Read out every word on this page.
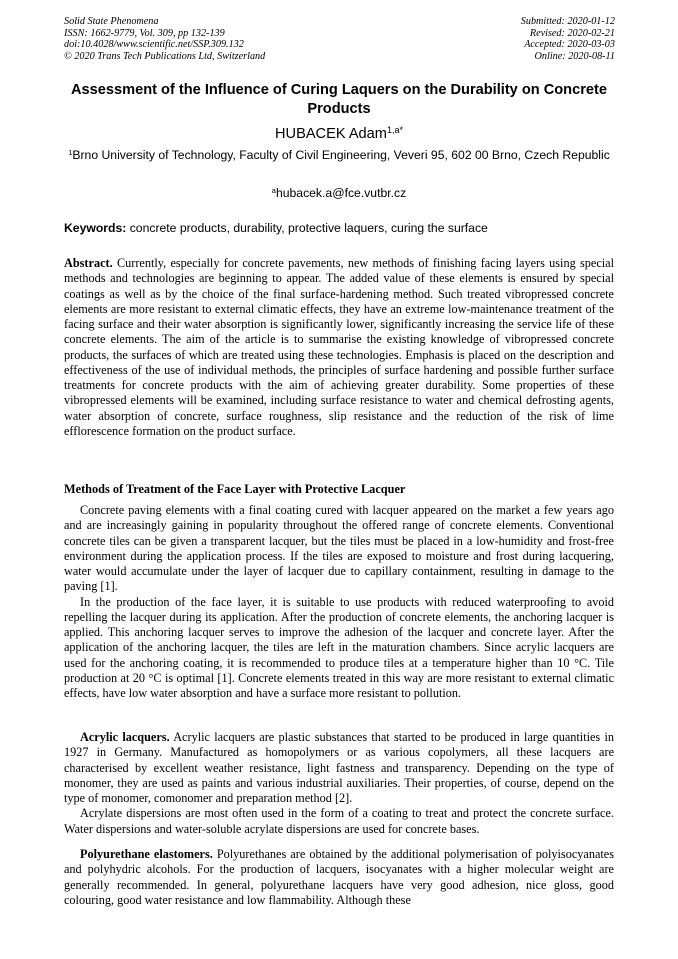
Solid State Phenomena
ISSN: 1662-9779, Vol. 309, pp 132-139
doi:10.4028/www.scientific.net/SSP.309.132
© 2020 Trans Tech Publications Ltd, Switzerland
Submitted: 2020-01-12
Revised: 2020-02-21
Accepted: 2020-03-03
Online: 2020-08-11
Assessment of the Influence of Curing Laquers on the Durability on Concrete Products
HUBACEK Adam$^{1,a*}$
$^1$Brno University of Technology, Faculty of Civil Engineering, Veveri 95, 602 00 Brno, Czech Republic
$^a$hubacek.a@fce.vutbr.cz
Keywords: concrete products, durability, protective laquers, curing the surface

Abstract. Currently, especially for concrete pavements, new methods of finishing facing layers using special methods and technologies are beginning to appear. The added value of these elements is ensured by special coatings as well as by the choice of the final surface-hardening method. Such treated vibropressed concrete elements are more resistant to external climatic effects, they have an extreme low-maintenance treatment of the facing surface and their water absorption is significantly lower, significantly increasing the service life of these concrete elements. The aim of the article is to summarise the existing knowledge of vibropressed concrete products, the surfaces of which are treated using these technologies. Emphasis is placed on the description and effectiveness of the use of individual methods, the principles of surface hardening and possible further surface treatments for concrete products with the aim of achieving greater durability. Some properties of these vibropressed elements will be examined, including surface resistance to water and chemical defrosting agents, water absorption of concrete, surface roughness, slip resistance and the reduction of the risk of lime efflorescence formation on the product surface.

Methods of Treatment of the Face Layer with Protective Lacquer

Concrete paving elements with a final coating cured with lacquer appeared on the market a few years ago and are increasingly gaining in popularity throughout the offered range of concrete elements. Conventional concrete tiles can be given a transparent lacquer, but the tiles must be placed in a low-humidity and frost-free environment during the application process. If the tiles are exposed to moisture and frost during lacquering, water would accumulate under the layer of lacquer due to capillary containment, resulting in damage to the paving [1].

In the production of the face layer, it is suitable to use products with reduced waterproofing to avoid repelling the lacquer during its application. After the production of concrete elements, the anchoring lacquer is applied. This anchoring lacquer serves to improve the adhesion of the lacquer and concrete layer. After the application of the anchoring lacquer, the tiles are left in the maturation chambers. Since acrylic lacquers are used for the anchoring coating, it is recommended to produce tiles at a temperature higher than 10 °C. Tile production at 20 °C is optimal [1]. Concrete elements treated in this way are more resistant to external climatic effects, have low water absorption and have a surface more resistant to pollution.

Acrylic lacquers. Acrylic lacquers are plastic substances that started to be produced in large quantities in 1927 in Germany. Manufactured as homopolymers or as various copolymers, all these lacquers are characterised by excellent weather resistance, light fastness and transparency. Depending on the type of monomer, they are used as paints and various industrial auxiliaries. Their properties, of course, depend on the type of monomer, comonomer and preparation method [2].

Acrylate dispersions are most often used in the form of a coating to treat and protect the concrete surface. Water dispersions and water-soluble acrylate dispersions are used for concrete bases.

Polyurethane elastomers. Polyurethanes are obtained by the additional polymerisation of polyisocyanates and polyhydric alcohols. For the production of lacquers, isocyanates with a higher molecular weight are generally recommended. In general, polyurethane lacquers have very good adhesion, nice gloss, good colouring, good water resistance and low flammability. Although these
